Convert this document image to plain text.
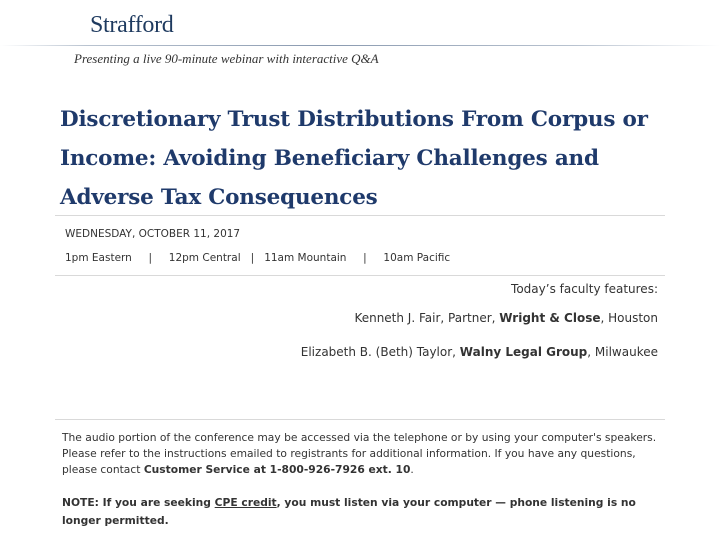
Strafford
Presenting a live 90-minute webinar with interactive Q&A
Discretionary Trust Distributions From Corpus or Income: Avoiding Beneficiary Challenges and Adverse Tax Consequences
WEDNESDAY, OCTOBER 11, 2017
1pm Eastern | 12pm Central | 11am Mountain | 10am Pacific
Today’s faculty features:
Kenneth J. Fair, Partner, Wright & Close, Houston
Elizabeth B. (Beth) Taylor, Walny Legal Group, Milwaukee

The audio portion of the conference may be accessed via the telephone or by using your computer's speakers. Please refer to the instructions emailed to registrants for additional information. If you have any questions, please contact Customer Service at 1-800-926-7926 ext. 10.

NOTE: If you are seeking CPE credit, you must listen via your computer — phone listening is no longer permitted.
